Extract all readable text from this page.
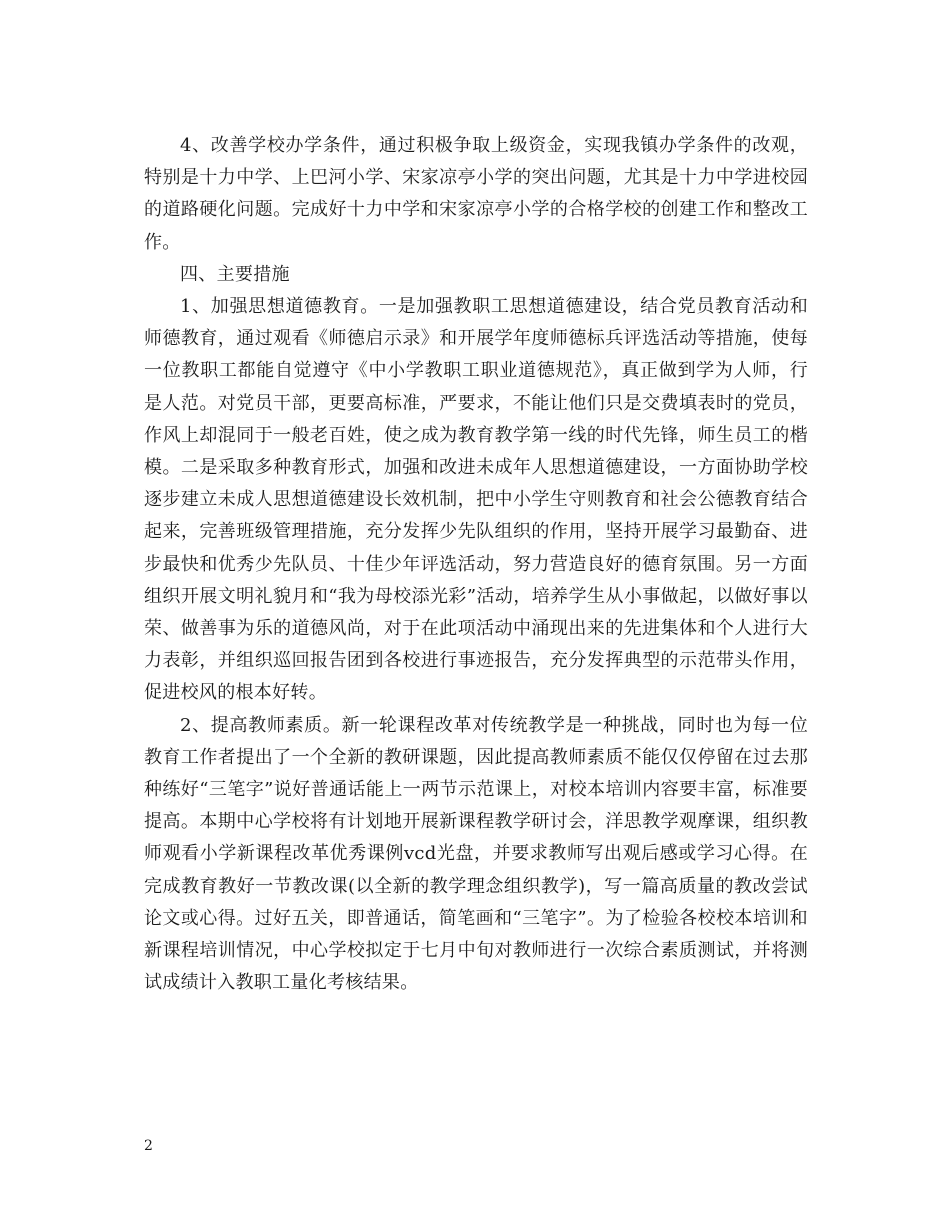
4、改善学校办学条件，通过积极争取上级资金，实现我镇办学条件的改观，特别是十力中学、上巴河小学、宋家凉亭小学的突出问题，尤其是十力中学进校园的道路硬化问题。完成好十力中学和宋家凉亭小学的合格学校的创建工作和整改工作。

四、主要措施

1、加强思想道德教育。一是加强教职工思想道德建设，结合党员教育活动和师德教育，通过观看《师德启示录》和开展学年度师德标兵评选活动等措施，使每一位教职工都能自觉遵守《中小学教职工职业道德规范》，真正做到学为人师，行是人范。对党员干部，更要高标准，严要求，不能让他们只是交费填表时的党员，作风上却混同于一般老百姓，使之成为教育教学第一线的时代先锋，师生员工的楷模。二是采取多种教育形式，加强和改进未成年人思想道德建设，一方面协助学校逐步建立未成人思想道德建设长效机制，把中小学生守则教育和社会公德教育结合起来，完善班级管理措施，充分发挥少先队组织的作用，坚持开展学习最勤奋、进步最快和优秀少先队员、十佳少年评选活动，努力营造良好的德育氛围。另一方面组织开展文明礼貌月和“我为母校添光彩”活动，培养学生从小事做起，以做好事以荣、做善事为乐的道德风尚，对于在此项活动中涌现出来的先进集体和个人进行大力表彰，并组织巡回报告团到各校进行事迹报告，充分发挥典型的示范带头作用，促进校风的根本好转。

2、提高教师素质。新一轮课程改革对传统教学是一种挑战，同时也为每一位教育工作者提出了一个全新的教研课题，因此提高教师素质不能仅仅停留在过去那种练好“三笔字”说好普通话能上一两节示范课上，对校本培训内容要丰富，标准要提高。本期中心学校将有计划地开展新课程教学研讨会，洋思教学观摩课，组织教师观看小学新课程改革优秀课例vcd光盘，并要求教师写出观后感或学习心得。在完成教育教好一节教改课(以全新的教学理念组织教学)，写一篇高质量的教改尝试论文或心得。过好五关，即普通话，简笔画和“三笔字”。为了检验各校校本培训和新课程培训情况，中心学校拟定于七月中旬对教师进行一次综合素质测试，并将测试成绩计入教职工量化考核结果。

2
